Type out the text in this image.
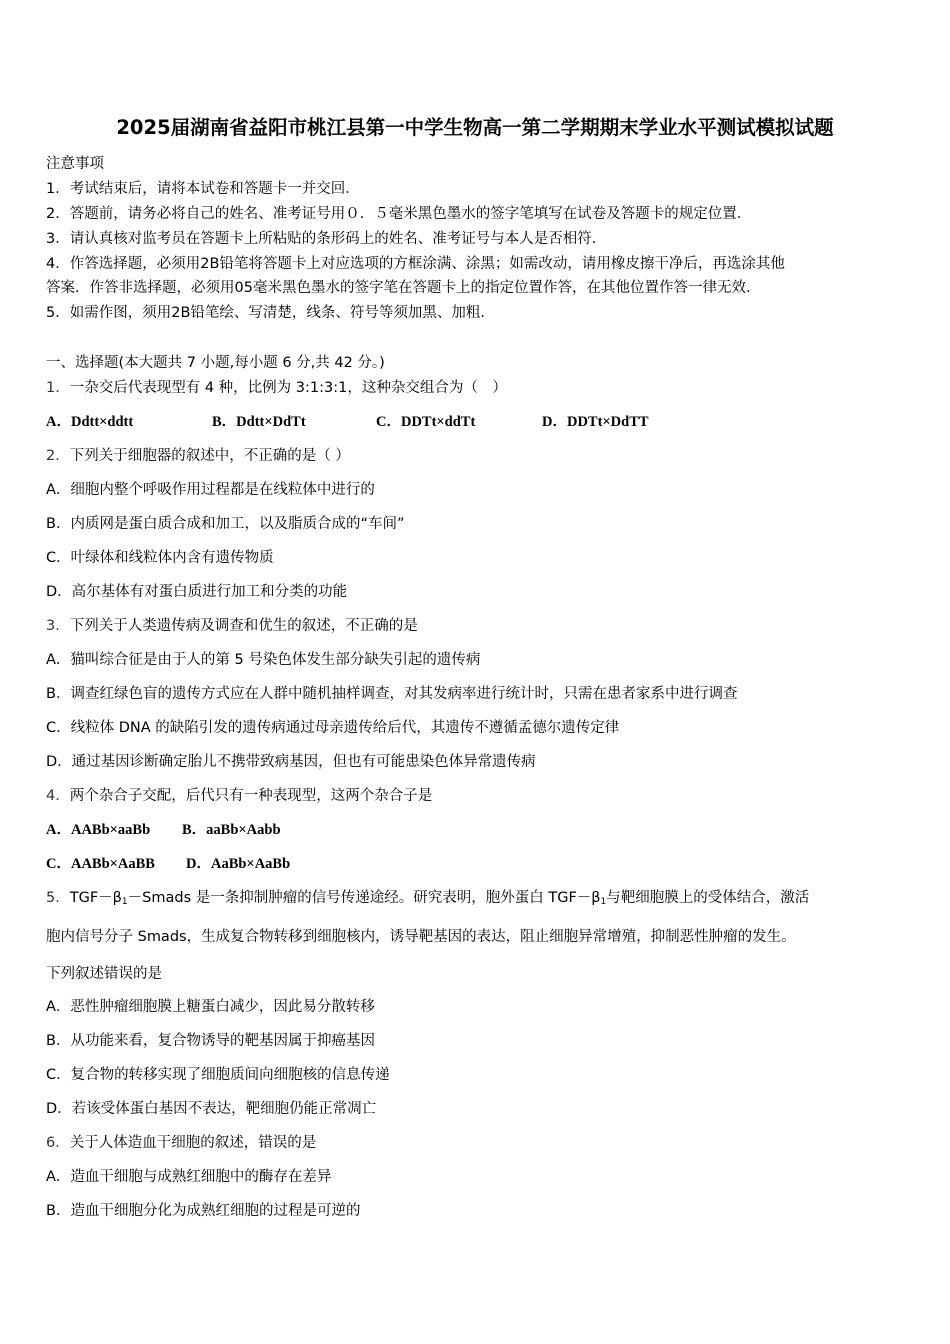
2025届湖南省益阳市桃江县第一中学生物高一第二学期期末学业水平测试模拟试题
注意事项
1．考试结束后，请将本试卷和答题卡一并交回．
2．答题前，请务必将自己的姓名、准考证号用０．５毫米黑色墨水的签字笔填写在试卷及答题卡的规定位置．
3．请认真核对监考员在答题卡上所粘贴的条形码上的姓名、准考证号与本人是否相符．
4．作答选择题，必须用2B铅笔将答题卡上对应选项的方框涂满、涂黑；如需改动，请用橡皮擦干净后，再选涂其他
答案．作答非选择题，必须用05毫米黑色墨水的签字笔在答题卡上的指定位置作答，在其他位置作答一律无效．
5．如需作图，须用2B铅笔绘、写清楚，线条、符号等须加黑、加粗．
一、选择题(本大题共 7 小题,每小题 6 分,共 42 分。)
1．一杂交后代表现型有 4 种，比例为 3:1:3:1，这种杂交组合为（　）
A．Ddtt×ddtt	B．Ddtt×DdTt	C．DDTt×ddTt	D．DDTt×DdTT
2．下列关于细胞器的叙述中，不正确的是（ ）
A．细胞内整个呼吸作用过程都是在线粒体中进行的
B．内质网是蛋白质合成和加工，以及脂质合成的“车间”
C．叶绿体和线粒体内含有遗传物质
D．高尔基体有对蛋白质进行加工和分类的功能
3．下列关于人类遗传病及调查和优生的叙述，不正确的是
A．猫叫综合征是由于人的第 5 号染色体发生部分缺失引起的遗传病
B．调查红绿色盲的遗传方式应在人群中随机抽样调查，对其发病率进行统计时，只需在患者家系中进行调查
C．线粒体 DNA 的缺陷引发的遗传病通过母亲遗传给后代，其遗传不遵循孟德尔遗传定律
D．通过基因诊断确定胎儿不携带致病基因，但也有可能患染色体异常遗传病
4．两个杂合子交配，后代只有一种表现型，这两个杂合子是
A．AABb×aaBb B．aaBb×Aabb
C．AABb×AaBB D．AaBb×AaBb
5．$TGF-\beta_1-Smads$ 是一条抑制肿瘤的信号传递途经。研究表明，胞外蛋白 $TGF-\beta_1$与靶细胞膜上的受体结合，激活
胞内信号分子 Smads，生成复合物转移到细胞核内，诱导靶基因的表达，阻止细胞异常增殖，抑制恶性肿瘤的发生。
下列叙述错误的是
A．恶性肿瘤细胞膜上糖蛋白减少，因此易分散转移
B．从功能来看，复合物诱导的靶基因属于抑癌基因
C．复合物的转移实现了细胞质间向细胞核的信息传递
D．若该受体蛋白基因不表达，靶细胞仍能正常凋亡
6．关于人体造血干细胞的叙述，错误的是
A．造血干细胞与成熟红细胞中的酶存在差异
B．造血干细胞分化为成熟红细胞的过程是可逆的
